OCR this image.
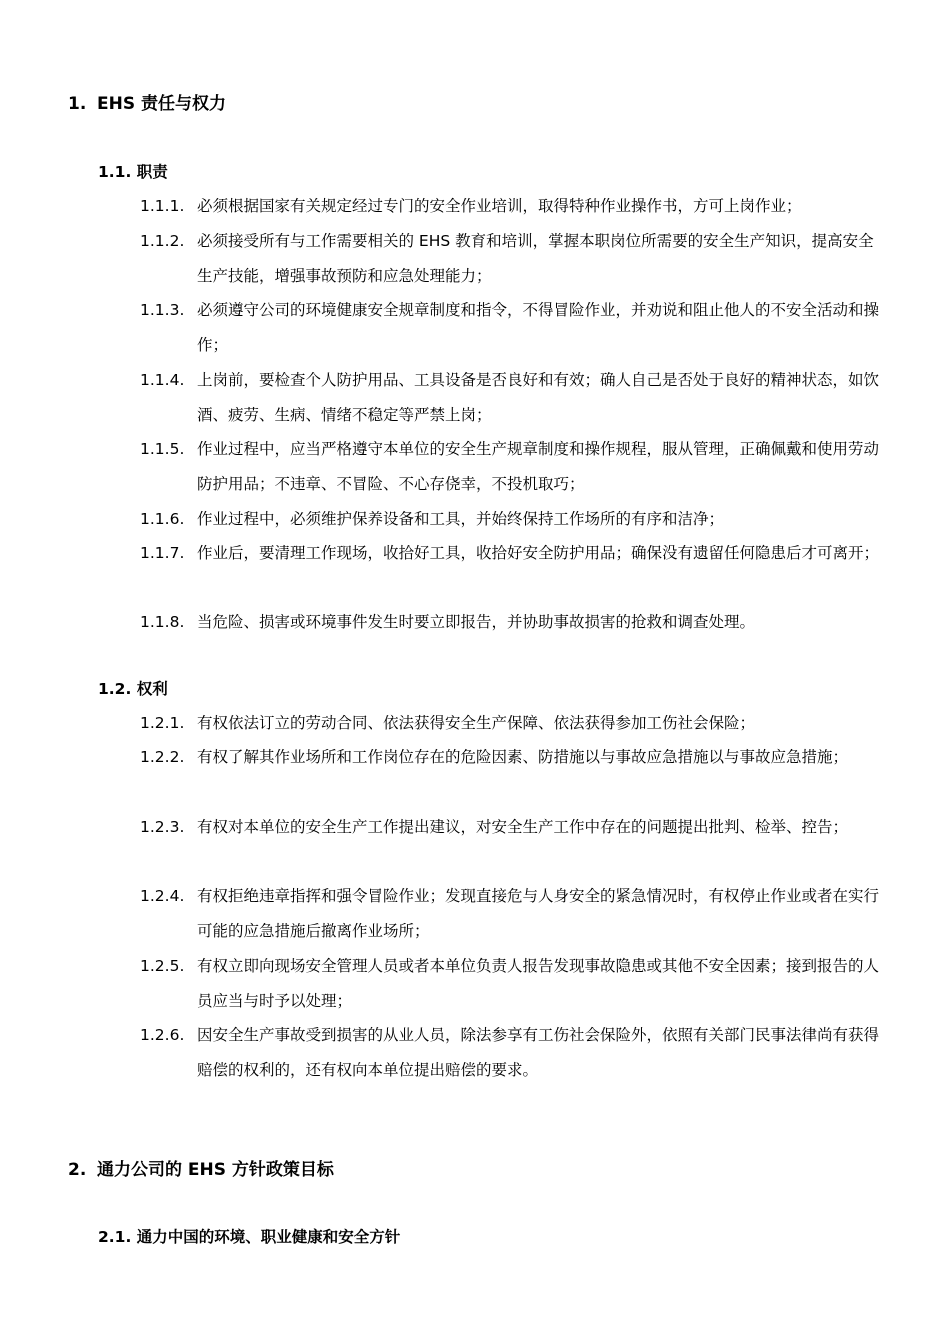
1. EHS 责任与权力
1.1. 职责
1.1.1. 必须根据国家有关规定经过专门的安全作业培训，取得特种作业操作书，方可上岗作业；
1.1.2. 必须接受所有与工作需要相关的 EHS 教育和培训，掌握本职岗位所需要的安全生产知识，提高安全生产技能，增强事故预防和应急处理能力；
1.1.3. 必须遵守公司的环境健康安全规章制度和指令，不得冒险作业，并劝说和阻止他人的不安全活动和操作；
1.1.4. 上岗前，要检查个人防护用品、工具设备是否良好和有效；确人自己是否处于良好的精神状态，如饮酒、疲劳、生病、情绪不稳定等严禁上岗；
1.1.5. 作业过程中，应当严格遵守本单位的安全生产规章制度和操作规程，服从管理，正确佩戴和使用劳动防护用品；不违章、不冒险、不心存侥幸，不投机取巧；
1.1.6. 作业过程中，必须维护保养设备和工具，并始终保持工作场所的有序和洁净；
1.1.7. 作业后，要清理工作现场，收拾好工具，收拾好安全防护用品；确保没有遗留任何隐患后才可离开；
1.1.8. 当危险、损害或环境事件发生时要立即报告，并协助事故损害的抢救和调查处理。
1.2. 权利
1.2.1. 有权依法订立的劳动合同、依法获得安全生产保障、依法获得参加工伤社会保险；
1.2.2. 有权了解其作业场所和工作岗位存在的危险因素、防措施以与事故应急措施以与事故应急措施；
1.2.3. 有权对本单位的安全生产工作提出建议，对安全生产工作中存在的问题提出批判、检举、控告；
1.2.4. 有权拒绝违章指挥和强令冒险作业；发现直接危与人身安全的紧急情况时，有权停止作业或者在实行可能的应急措施后撤离作业场所；
1.2.5. 有权立即向现场安全管理人员或者本单位负责人报告发现事故隐患或其他不安全因素；接到报告的人员应当与时予以处理；
1.2.6. 因安全生产事故受到损害的从业人员，除法参享有工伤社会保险外，依照有关部门民事法律尚有获得赔偿的权利的，还有权向本单位提出赔偿的要求。
2. 通力公司的 EHS 方针政策目标
2.1. 通力中国的环境、职业健康和安全方针
